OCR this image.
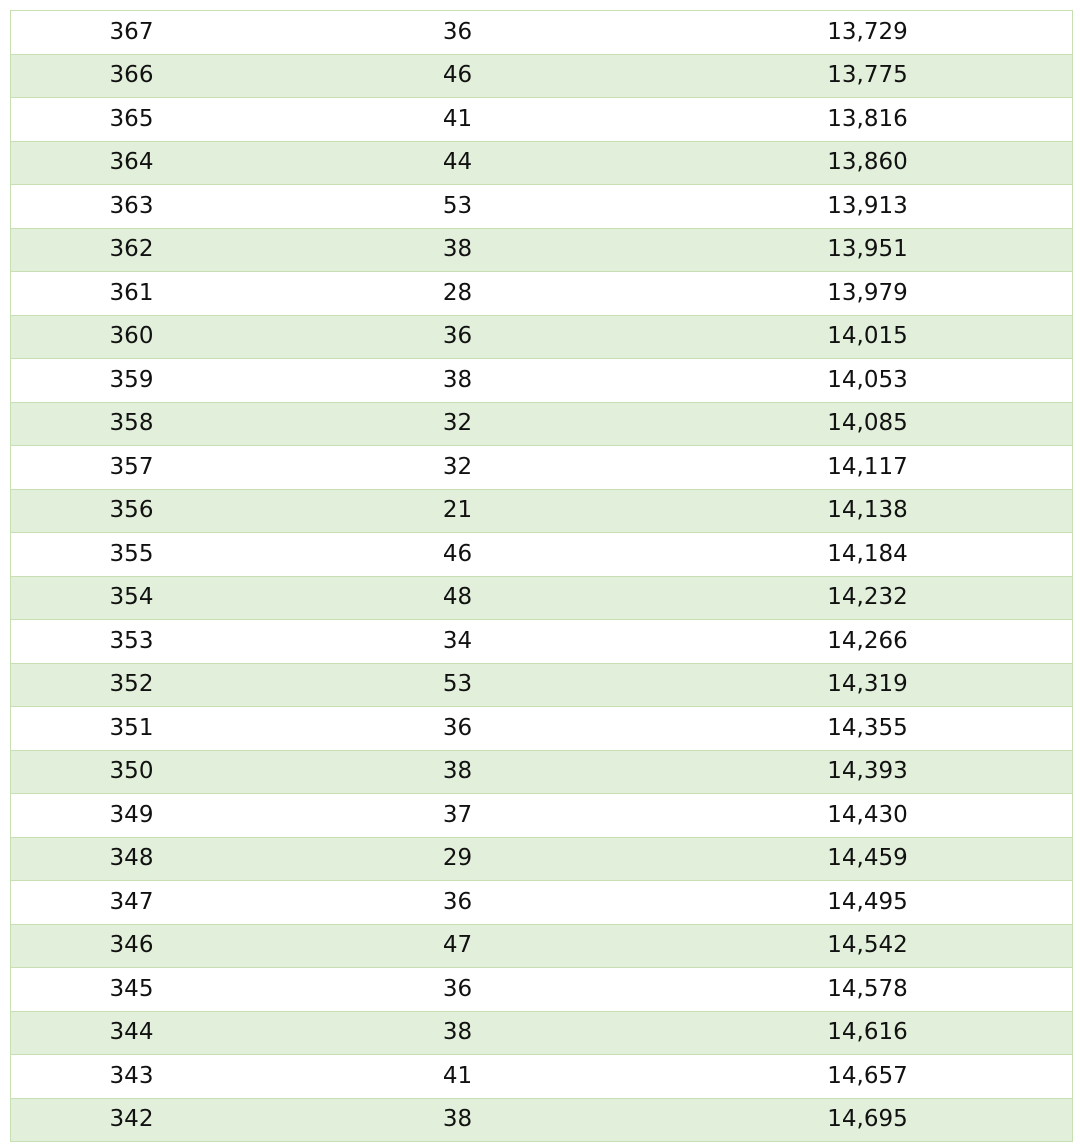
367	36	13,729
366	46	13,775
365	41	13,816
364	44	13,860
363	53	13,913
362	38	13,951
361	28	13,979
360	36	14,015
359	38	14,053
358	32	14,085
357	32	14,117
356	21	14,138
355	46	14,184
354	48	14,232
353	34	14,266
352	53	14,319
351	36	14,355
350	38	14,393
349	37	14,430
348	29	14,459
347	36	14,495
346	47	14,542
345	36	14,578
344	38	14,616
343	41	14,657
342	38	14,695
